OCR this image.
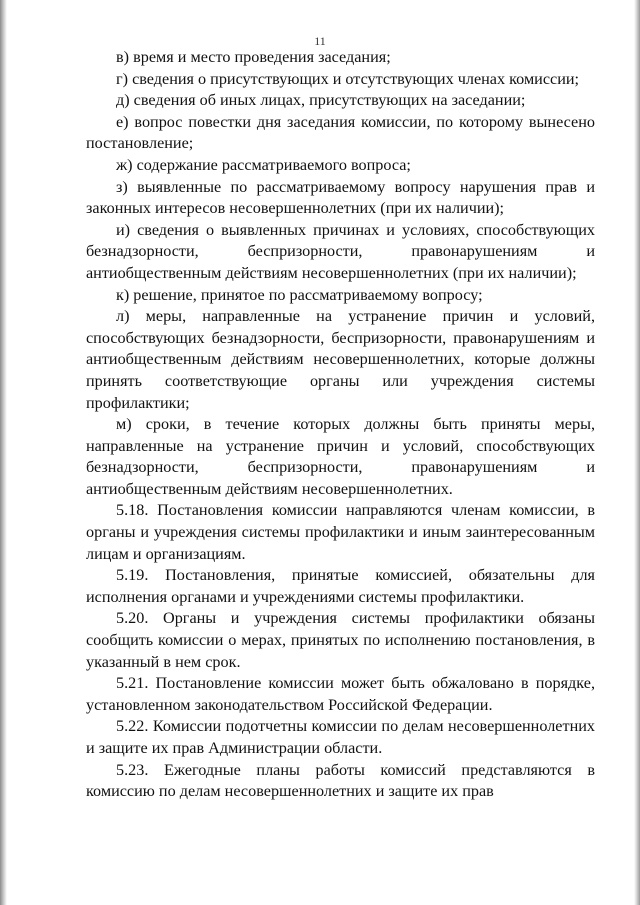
11

в) время и место проведения заседания;

г) сведения о присутствующих и отсутствующих членах комиссии;

д) сведения об иных лицах, присутствующих на заседании;

е) вопрос повестки дня заседания комиссии, по которому вынесено постановление;

ж) содержание рассматриваемого вопроса;

з) выявленные по рассматриваемому вопросу нарушения прав и законных интересов несовершеннолетних (при их наличии);

и) сведения о выявленных причинах и условиях, способствующих безнадзорности, беспризорности, правонарушениям и антиобщественным действиям несовершеннолетних (при их наличии);

к) решение, принятое по рассматриваемому вопросу;

л) меры, направленные на устранение причин и условий, способствующих безнадзорности, беспризорности, правонарушениям и антиобщественным действиям несовершеннолетних, которые должны принять соответствующие органы или учреждения системы профилактики;

м) сроки, в течение которых должны быть приняты меры, направленные на устранение причин и условий, способствующих безнадзорности, беспризорности, правонарушениям и антиобщественным действиям несовершеннолетних.

5.18. Постановления комиссии направляются членам комиссии, в органы и учреждения системы профилактики и иным заинтересованным лицам и организациям.

5.19. Постановления, принятые комиссией, обязательны для исполнения органами и учреждениями системы профилактики.

5.20. Органы и учреждения системы профилактики обязаны сообщить комиссии о мерах, принятых по исполнению постановления, в указанный в нем срок.

5.21. Постановление комиссии может быть обжаловано в порядке, установленном законодательством Российской Федерации.

5.22. Комиссии подотчетны комиссии по делам несовершеннолетних и защите их прав Администрации области.

5.23. Ежегодные планы работы комиссий представляются в комиссию по делам несовершеннолетних и защите их прав
